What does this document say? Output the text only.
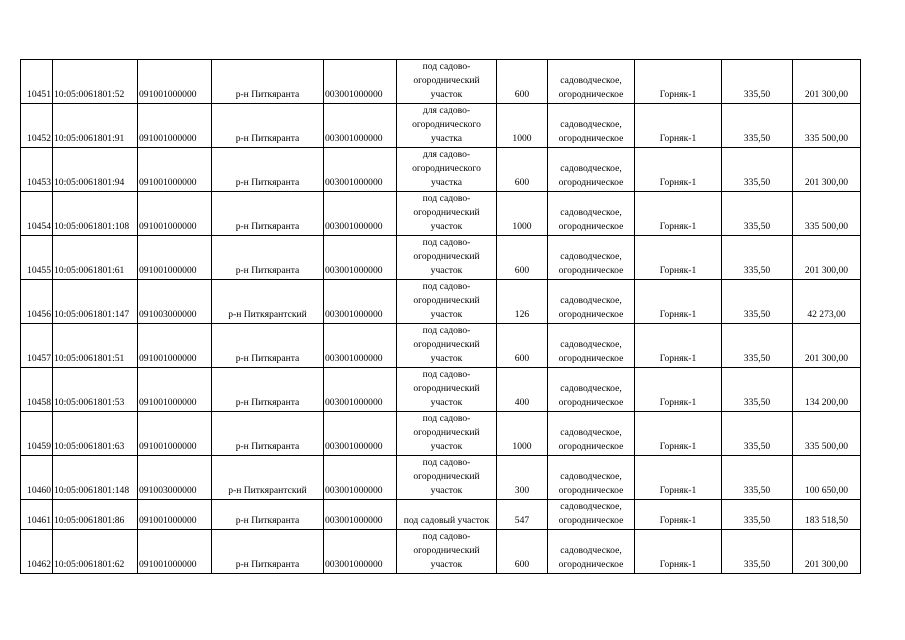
10451	10:05:0061801:52	091001000000	р-н Питкяранта	003001000000	под садово-
огороднический
участок	600	садоводческое,
огородническое	Горняк-1	335,50	201 300,00
10452	10:05:0061801:91	091001000000	р-н Питкяранта	003001000000	для садово-
огороднического
участка	1000	садоводческое,
огородническое	Горняк-1	335,50	335 500,00
10453	10:05:0061801:94	091001000000	р-н Питкяранта	003001000000	для садово-
огороднического
участка	600	садоводческое,
огородническое	Горняк-1	335,50	201 300,00
10454	10:05:0061801:108	091001000000	р-н Питкяранта	003001000000	под садово-
огороднический
участок	1000	садоводческое,
огородническое	Горняк-1	335,50	335 500,00
10455	10:05:0061801:61	091001000000	р-н Питкяранта	003001000000	под садово-
огороднический
участок	600	садоводческое,
огородническое	Горняк-1	335,50	201 300,00
10456	10:05:0061801:147	091003000000	р-н Питкярантский	003001000000	под садово-
огороднический
участок	126	садоводческое,
огородническое	Горняк-1	335,50	42 273,00
10457	10:05:0061801:51	091001000000	р-н Питкяранта	003001000000	под садово-
огороднический
участок	600	садоводческое,
огородническое	Горняк-1	335,50	201 300,00
10458	10:05:0061801:53	091001000000	р-н Питкяранта	003001000000	под садово-
огороднический
участок	400	садоводческое,
огородническое	Горняк-1	335,50	134 200,00
10459	10:05:0061801:63	091001000000	р-н Питкяранта	003001000000	под садово-
огороднический
участок	1000	садоводческое,
огородническое	Горняк-1	335,50	335 500,00
10460	10:05:0061801:148	091003000000	р-н Питкярантский	003001000000	под садово-
огороднический
участок	300	садоводческое,
огородническое	Горняк-1	335,50	100 650,00
10461	10:05:0061801:86	091001000000	р-н Питкяранта	003001000000	под садовый участок	547	садоводческое,
огородническое	Горняк-1	335,50	183 518,50
10462	10:05:0061801:62	091001000000	р-н Питкяранта	003001000000	под садово-
огороднический
участок	600	садоводческое,
огородническое	Горняк-1	335,50	201 300,00
